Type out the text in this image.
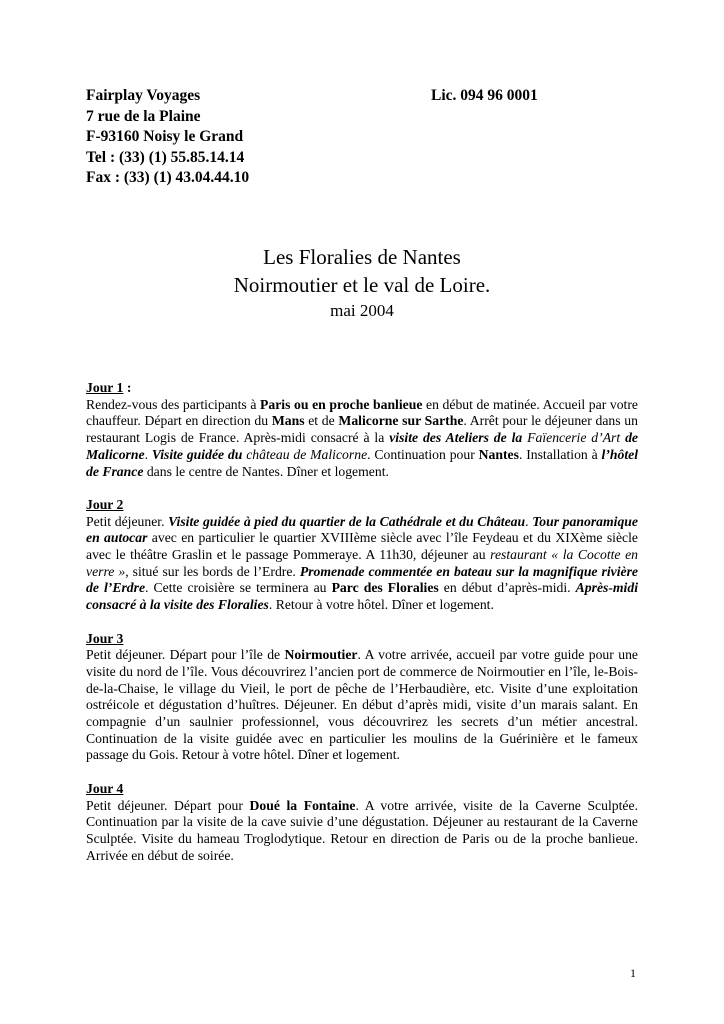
Fairplay Voyages
7 rue de la Plaine
F-93160 Noisy le Grand
Tel : (33) (1) 55.85.14.14
Fax : (33) (1) 43.04.44.10
Lic. 094 96 0001
Les Floralies de Nantes
Noirmoutier et le val de Loire.
mai 2004
Jour 1 :
Rendez-vous des participants à Paris ou en proche banlieue en début de matinée. Accueil par votre chauffeur. Départ en direction du Mans et de Malicorne sur Sarthe. Arrêt pour le déjeuner dans un restaurant Logis de France. Après-midi consacré à la visite des Ateliers de la Faïencerie d’Art de Malicorne. Visite guidée du château de Malicorne. Continuation pour Nantes. Installation à l’hôtel de France dans le centre de Nantes. Dîner et logement.
Jour 2
Petit déjeuner. Visite guidée à pied du quartier de la Cathédrale et du Château. Tour panoramique en autocar avec en particulier le quartier XVIIIème siècle avec l’île Feydeau et du XIXème siècle avec le théâtre Graslin et le passage Pommeraye. A 11h30, déjeuner au restaurant « la Cocotte en verre », situé sur les bords de l’Erdre. Promenade commentée en bateau sur la magnifique rivière de l’Erdre. Cette croisière se terminera au Parc des Floralies en début d’après-midi. Après-midi consacré à la visite des Floralies. Retour à votre hôtel. Dîner et logement.
Jour 3
Petit déjeuner. Départ pour l’île de Noirmoutier. A votre arrivée, accueil par votre guide pour une visite du nord de l’île. Vous découvrirez l’ancien port de commerce de Noirmoutier en l’île, le-Bois-de-la-Chaise, le village du Vieil, le port de pêche de l’Herbaudière, etc. Visite d’une exploitation ostréicole et dégustation d’huîtres. Déjeuner. En début d’après midi, visite d’un marais salant. En compagnie d’un saulnier professionnel, vous découvrirez les secrets d’un métier ancestral. Continuation de la visite guidée avec en particulier les moulins de la Guérinière et le fameux passage du Gois. Retour à votre hôtel. Dîner et logement.
Jour 4
Petit déjeuner. Départ pour Doué la Fontaine. A votre arrivée, visite de la Caverne Sculptée. Continuation par la visite de la cave suivie d’une dégustation. Déjeuner au restaurant de la Caverne Sculptée. Visite du hameau Troglodytique. Retour en direction de Paris ou de la proche banlieue. Arrivée en début de soirée.
1
